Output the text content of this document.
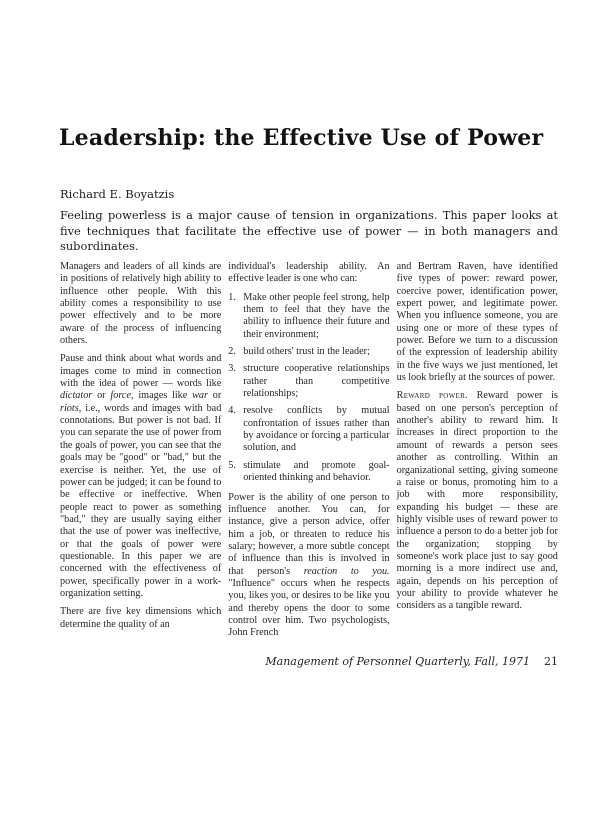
Leadership: the Effective Use of Power
Richard E. Boyatzis

Feeling powerless is a major cause of tension in organizations. This paper looks at five techniques that facilitate the effective use of power — in both managers and subordinates.

Managers and leaders of all kinds are in positions of relatively high ability to influence other people. With this ability comes a responsibility to use power effectively and to be more aware of the process of influencing others.

Pause and think about what words and images come to mind in connection with the idea of power — words like dictator or force, images like war or riots, i.e., words and images with bad connotations. But power is not bad. If you can separate the use of power from the goals of power, you can see that the goals may be "good" or "bad," but the exercise is neither. Yet, the use of power can be judged; it can be found to be effective or ineffective. When people react to power as something "bad," they are usually saying either that the use of power was ineffective, or that the goals of power were questionable. In this paper we are concerned with the effectiveness of power, specifically power in a work-organization setting.

There are five key dimensions which determine the quality of an

individual's leadership ability. An effective leader is one who can:

1. Make other people feel strong, help them to feel that they have the ability to influence their future and their environment;
2. build others' trust in the leader;
3. structure cooperative relationships rather than competitive relationships;
4. resolve conflicts by mutual confrontation of issues rather than by avoidance or forcing a particular solution, and
5. stimulate and promote goal-oriented thinking and behavior.

Power is the ability of one person to influence another. You can, for instance, give a person advice, offer him a job, or threaten to reduce his salary; however, a more subtle concept of influence than this is involved in that person's reaction to you. "Influence" occurs when he respects you, likes you, or desires to be like you and thereby opens the door to some control over him. Two psychologists, John French

and Bertram Raven, have identified five types of power: reward power, coercive power, identification power, expert power, and legitimate power. When you influence someone, you are using one or more of these types of power. Before we turn to a discussion of the expression of leadership ability in the five ways we just mentioned, let us look briefly at the sources of power.

Reward power. Reward power is based on one person's perception of another's ability to reward him. It increases in direct proportion to the amount of rewards a person sees another as controlling. Within an organizational setting, giving someone a raise or bonus, promoting him to a job with more responsibility, expanding his budget — these are highly visible uses of reward power to influence a person to do a better job for the organization; stopping by someone's work place just to say good morning is a more indirect use and, again, depends on his perception of your ability to provide whatever he considers as a tangible reward.

Management of Personnel Quarterly, Fall, 1971 21
